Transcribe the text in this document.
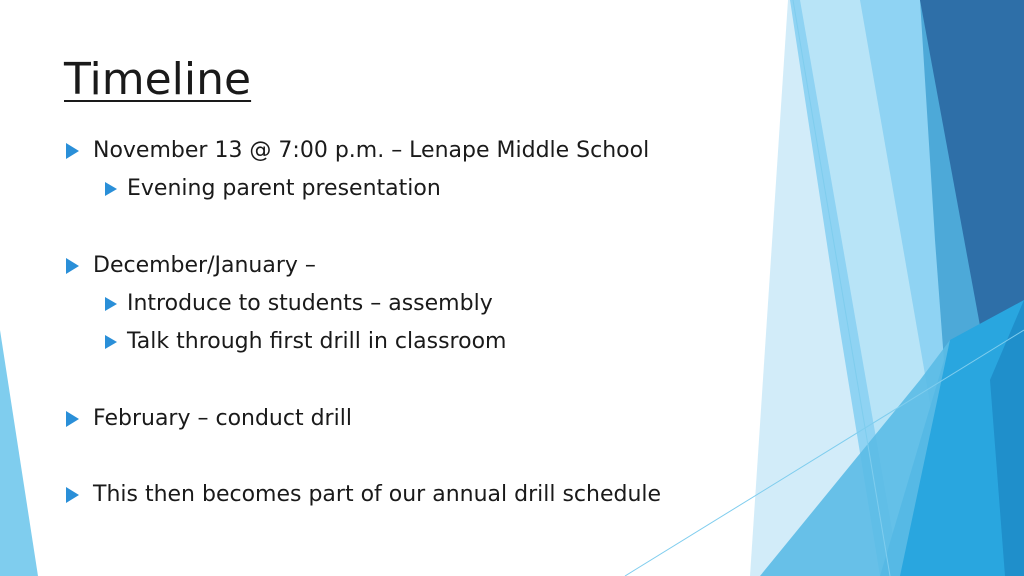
Timeline
November 13 @ 7:00 p.m. – Lenape Middle School
Evening parent presentation
December/January –
Introduce to students – assembly
Talk through first drill in classroom
February – conduct drill
This then becomes part of our annual drill schedule
